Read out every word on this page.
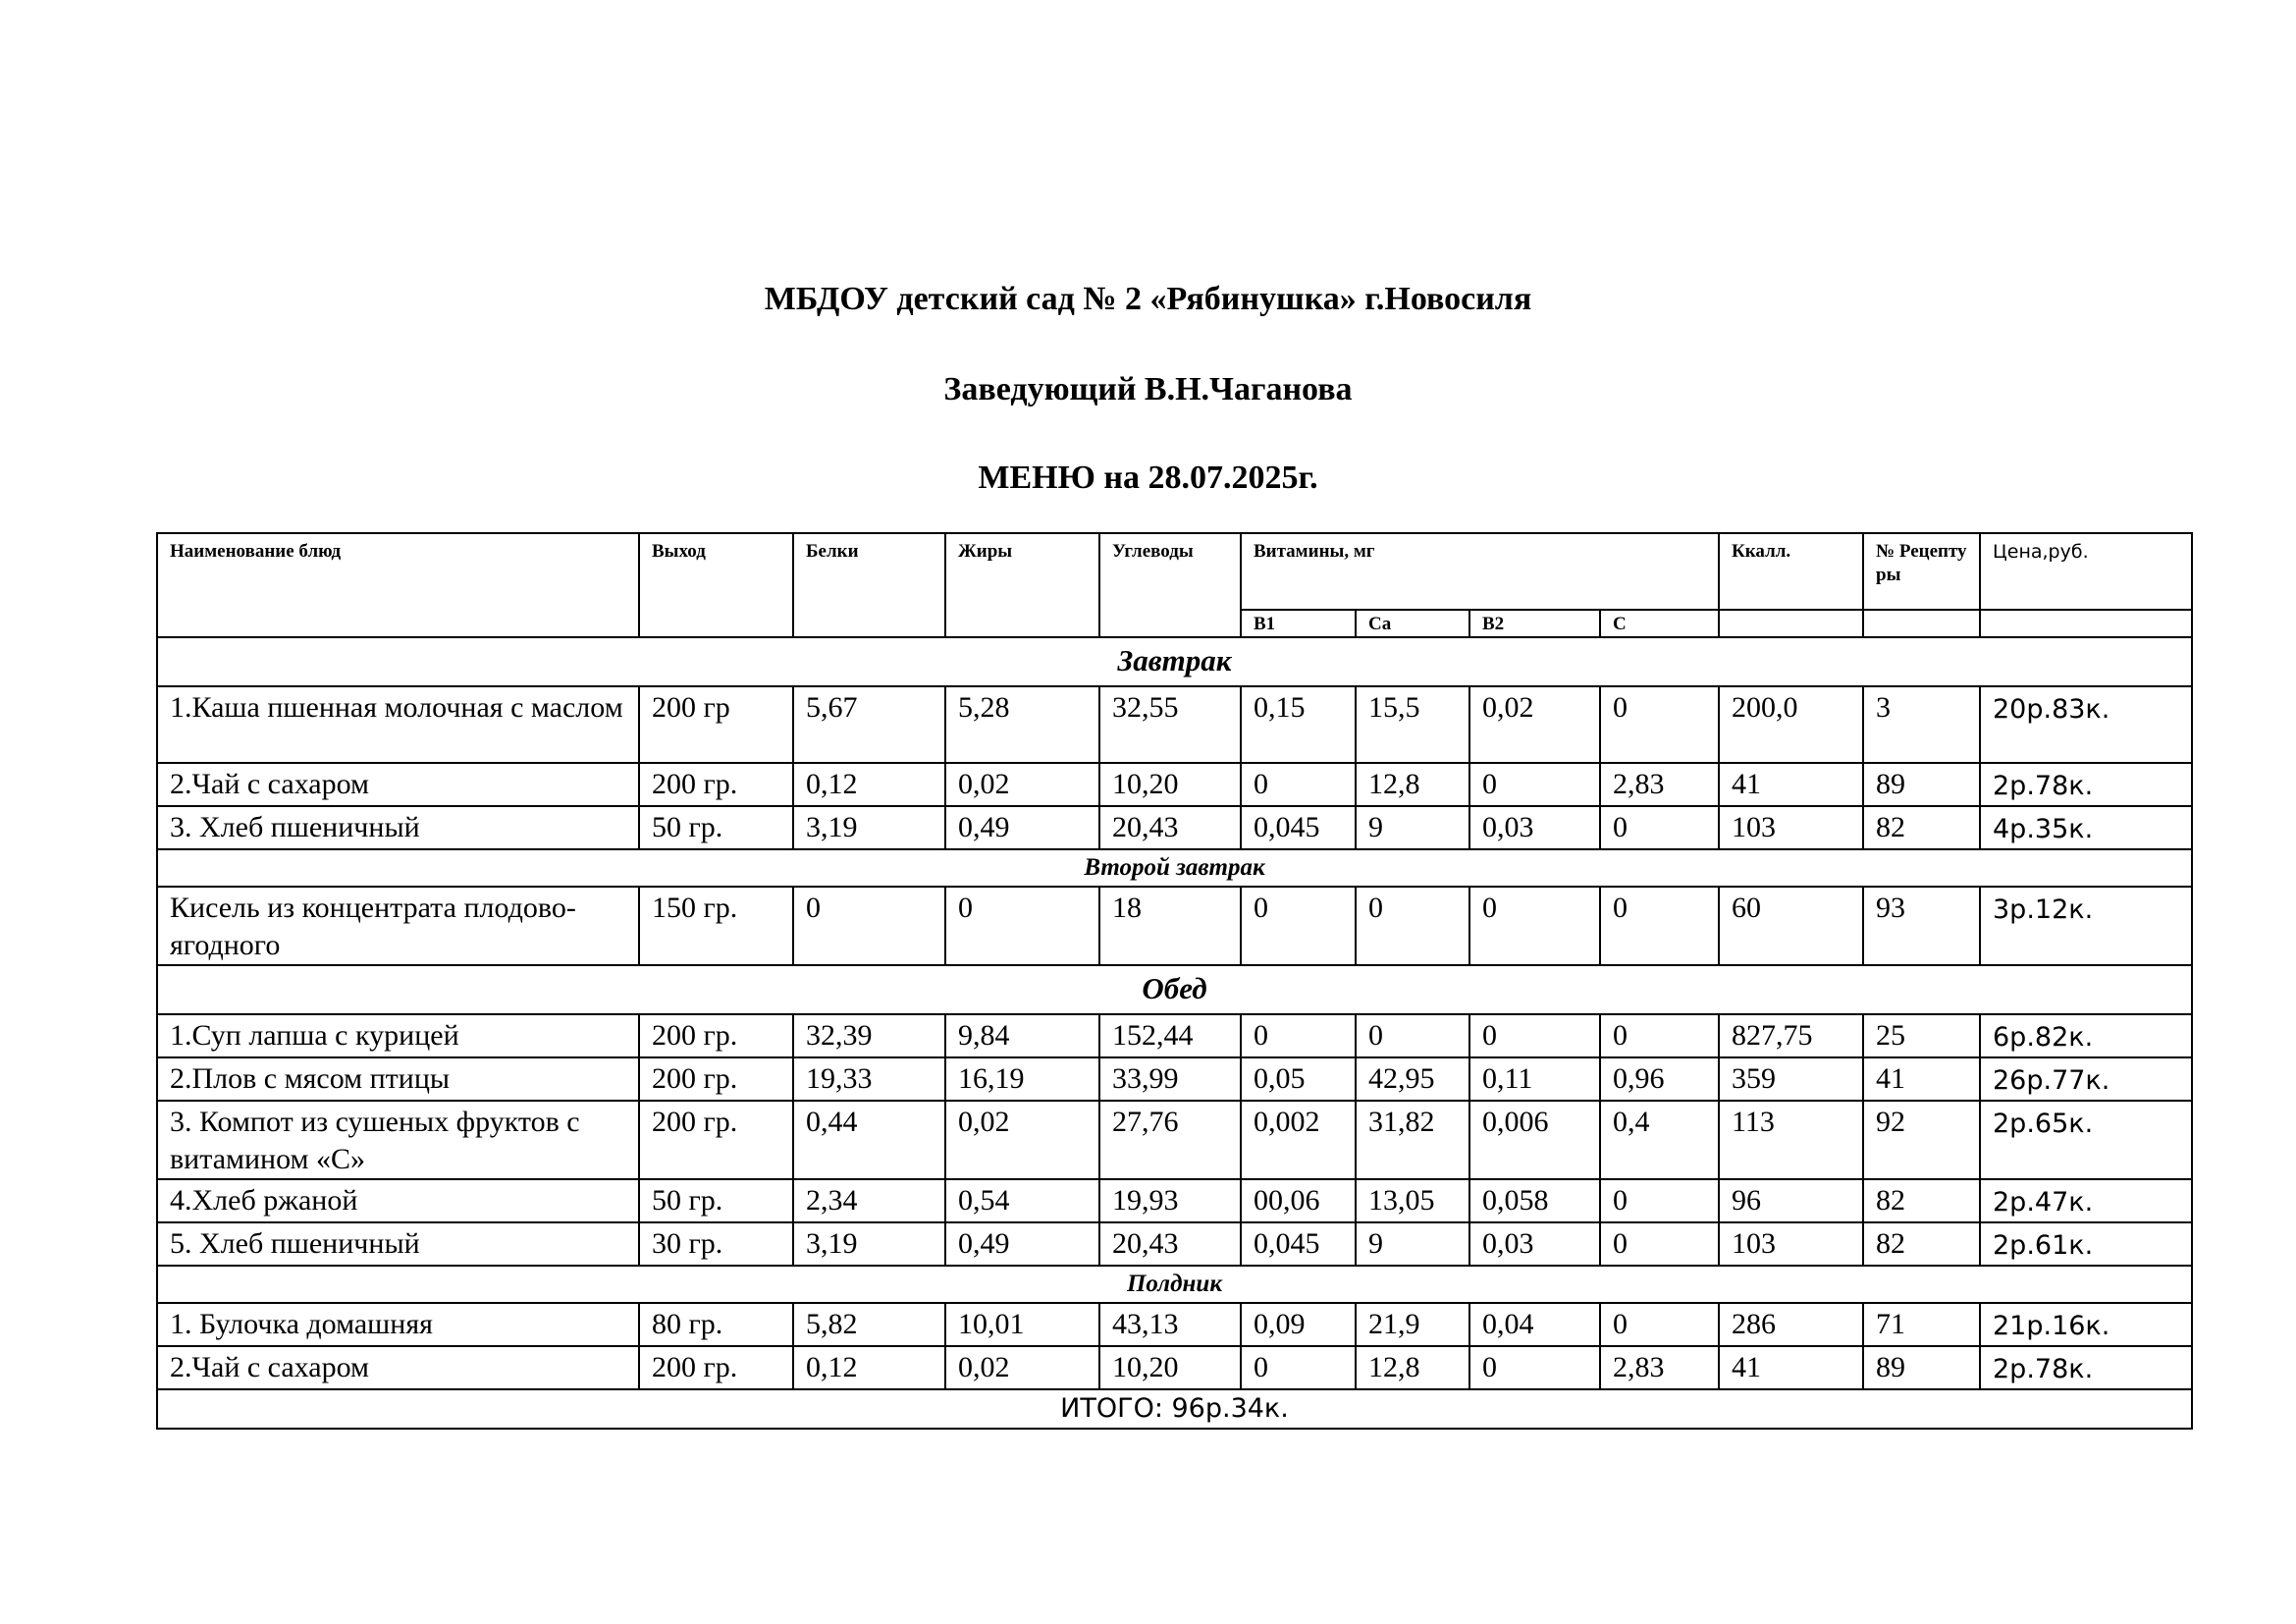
МБДОУ детский сад № 2 «Рябинушка» г.Новосиля
Заведующий В.Н.Чаганова
МЕНЮ на 28.07.2025г.
Наименование блюд	Выход	Белки	Жиры	Углеводы	Витамины, мг				Ккалл.	№ Рецепту ры	Цена,руб.
					В1	Са	В2	С			
Завтрак											
1.Каша пшенная молочная с маслом	200 гр	5,67	5,28	32,55	0,15	15,5	0,02	0	200,0	3	20р.83к.
2.Чай с сахаром	200 гр.	0,12	0,02	10,20	0	12,8	0	2,83	41	89	2р.78к.
3. Хлеб пшеничный	50 гр.	3,19	0,49	20,43	0,045	9	0,03	0	103	82	4р.35к.
Второй завтрак											
Кисель из концентрата плодово-ягодного	150 гр.	0	0	18	0	0	0	0	60	93	3р.12к.
Обед											
1.Суп лапша с курицей	200 гр.	32,39	9,84	152,44	0	0	0	0	827,75	25	6р.82к.
2.Плов с мясом птицы	200 гр.	19,33	16,19	33,99	0,05	42,95	0,11	0,96	359	41	26р.77к.
3. Компот из сушеных фруктов с витамином «С»	200 гр.	0,44	0,02	27,76	0,002	31,82	0,006	0,4	113	92	2р.65к.
4.Хлеб ржаной	50 гр.	2,34	0,54	19,93	00,06	13,05	0,058	0	96	82	2р.47к.
5. Хлеб пшеничный	30 гр.	3,19	0,49	20,43	0,045	9	0,03	0	103	82	2р.61к.
Полдник											
1. Булочка домашняя	80 гр.	5,82	10,01	43,13	0,09	21,9	0,04	0	286	71	21р.16к.
2.Чай с сахаром	200 гр.	0,12	0,02	10,20	0	12,8	0	2,83	41	89	2р.78к.
ИТОГО: 96р.34к.											
